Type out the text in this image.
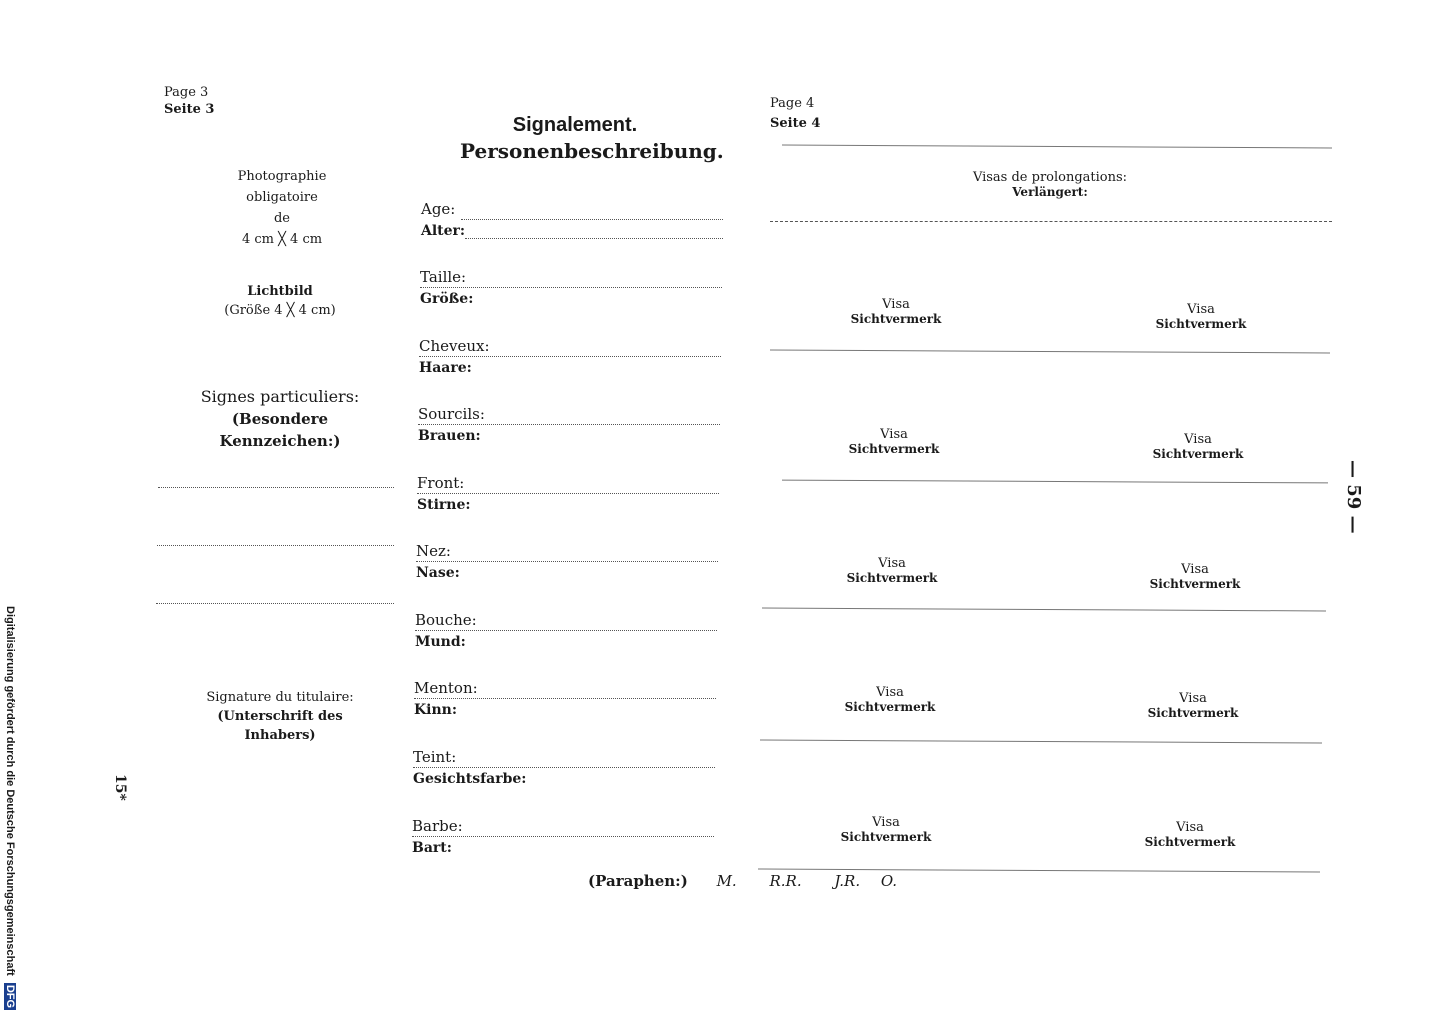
Page 3
Seite 3
Photographie
obligatoire
de
4 cm ╳ 4 cm
Lichtbild
(Größe 4 ╳ 4 cm)
Signes particuliers:
(Besondere Kennzeichen:)
Signature du titulaire:
(Unterschrift des Inhabers)
15*
Signalement.
Personenbeschreibung.
Age:
Alter:
Taille:
Größe:
Cheveux:
Haare:
Sourcils:
Brauen:
Front:
Stirne:
Nez:
Nase:
Bouche:
Mund:
Menton:
Kinn:
Teint:
Gesichtsfarbe:
Barbe:
Bart:
(Paraphen:) M. R.R. J.R. O.
Page 4
Seite 4
Visas de prolongations:
Verlängert:
Visa
Sichtvermerk
Visa
Sichtvermerk
Visa
Sichtvermerk
Visa
Sichtvermerk
Visa
Sichtvermerk
Visa
Sichtvermerk
Visa
Sichtvermerk
Visa
Sichtvermerk
Visa
Sichtvermerk
Visa
Sichtvermerk
— 59 —
Digitalisierung gefördert durch die Deutsche Forschungsgemeinschaft DFG
